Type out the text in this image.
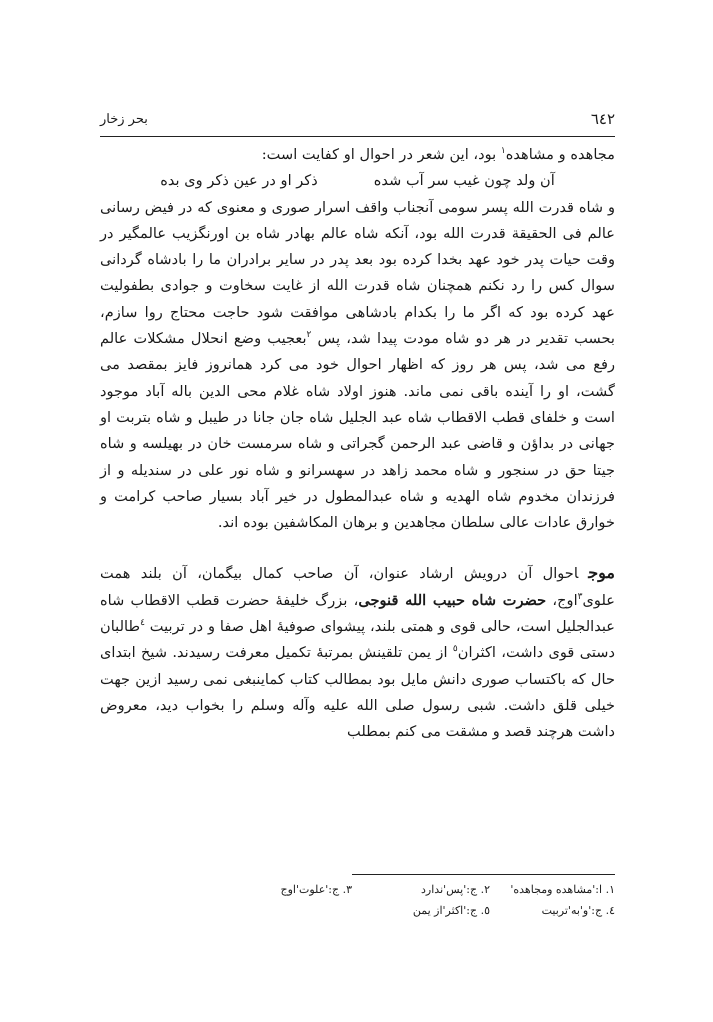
٦٤٢
بحر زخار

مجاهده و مشاهده$^١$ بود، این شعر در احوال او کفایت است:

آن ولد چون غیب سر آب شده
ذکر او در عین ذکر وی بده

و شاه قدرت الله پسر سومی آنجناب واقف اسرار صوری و معنوی که در فیض رسانی عالم فی الحقیقة قدرت الله بود، آنکه شاه عالم بهادر شاه بن اورنگزیب عالمگیر در وقت حیات پدر خود عهد بخدا کرده بود بعد پدر در سایر برادران ما را بادشاه گردانی سوال کس را رد نکنم همچنان شاه قدرت الله از غایت سخاوت و جوادی بطفولیت عهد کرده بود که اگر ما را بکدام بادشاهی موافقت شود حاجت محتاج روا سازم، بحسب تقدیر در هر دو شاه مودت پیدا شد، پس $^٢$بعجیب وضع انحلال مشکلات عالم رفع می شد، پس هر روز که اظهار احوال خود می کرد همانروز فایز بمقصد می گشت، او را آینده باقی نمی ماند. هنوز اولاد شاه غلام محی الدین باله آباد موجود است و خلفای قطب الاقطاب شاه عبد الجلیل شاه جان جانا در طیبل و شاه بتربت او جهانی در بداؤن و قاضی عبد الرحمن گجراتی و شاه سرمست خان در بهیلسه و شاه جیتا حق در سنجور و شاه محمد زاهد در سهسرانو و شاه نور علی در سندیله و از فرزندان مخدوم شاه الهدیه و شاه عبدالمطول در خیر آباد بسیار صاحب کرامت و خوارق عادات عالی سلطان مجاهدین و برهان المکاشفین بوده اند.

موجاحوال آن درویش ارشاد عنوان، آن صاحب کمال بیگمان، آن بلند همت علوی$^٣$اوج، حضرت شاه حبیب الله قنوجی، بزرگ خلیفهٔ حضرت قطب الاقطاب شاه عبدالجلیل است، حالی قوی و همتی بلند، پیشوای صوفیهٔ اهل صفا و در تربیت $^٤$طالبان دستی قوی داشت، اکثران$^٥$ از یمن تلقینش بمرتبهٔ تکمیل معرفت رسیدند. شیخ ابتدای حال که باکتساب صوری دانش مایل بود بمطالب کتاب کماینبغی نمی رسید ازین جهت خیلی قلق داشت. شبی رسول صلی الله علیه وآله وسلم را بخواب دید، معروض داشت هرچند قصد و مشقت می کنم بمطلب

١. ا:'مشاهده ومجاهده'
٢. ج:'پس'ندارد
٣. ج:'علوت'اوج
٤. ج:'و'به'تربیت
٥. ج:'اکثر'از یمن
